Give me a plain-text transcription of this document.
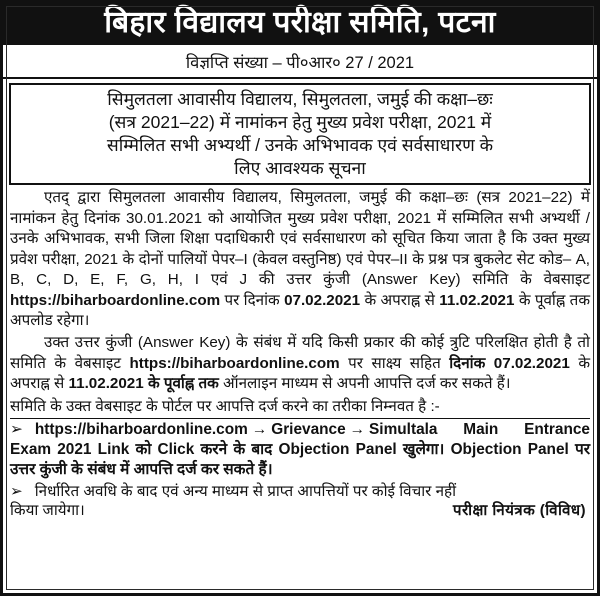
बिहार विद्यालय परीक्षा समिति, पटना
विज्ञप्ति संख्या – पी०आर० 27 / 2021
सिमुलतला आवासीय विद्यालय, सिमुलतला, जमुई की कक्षा–छः
(सत्र 2021–22) में नामांकन हेतु मुख्य प्रवेश परीक्षा, 2021 में
सम्मिलित सभी अभ्यर्थी / उनके अभिभावक एवं सर्वसाधारण के
लिए आवश्यक सूचना

एतद् द्वारा सिमुलतला आवासीय विद्यालय, सिमुलतला, जमुई की कक्षा–छः (सत्र 2021–22) में नामांकन हेतु दिनांक 30.01.2021 को आयोजित मुख्य प्रवेश परीक्षा, 2021 में सम्मिलित सभी अभ्यर्थी / उनके अभिभावक, सभी जिला शिक्षा पदाधिकारी एवं सर्वसाधारण को सूचित किया जाता है कि उक्त मुख्य प्रवेश परीक्षा, 2021 के दोनों पालियों पेपर–I (केवल वस्तुनिष्ठ) एवं पेपर–II के प्रश्न पत्र बुकलेट सेट कोड– A, B, C, D, E, F, G, H, I एवं J की उत्तर कुंजी (Answer Key) समिति के वेबसाइट https://biharboardonline.com पर दिनांक 07.02.2021 के अपराह्न से 11.02.2021 के पूर्वाह्न तक अपलोड रहेगा।

उक्त उत्तर कुंजी (Answer Key) के संबंध में यदि किसी प्रकार की कोई त्रुटि परिलक्षित होती है तो समिति के वेबसाइट https://biharboardonline.com पर साक्ष्य सहित दिनांक 07.02.2021 के अपराह्न से 11.02.2021 के पूर्वाह्न तक ऑनलाइन माध्यम से अपनी आपत्ति दर्ज कर सकते हैं।

समिति के उक्त वेबसाइट के पोर्टल पर आपत्ति दर्ज करने का तरीका निम्नवत है :-
➢ https://biharboardonline.com → Grievance → Simultala Main Entrance Exam 2021 Link को Click करने के बाद Objection Panel खुलेगा। Objection Panel पर उत्तर कुंजी के संबंध में आपत्ति दर्ज कर सकते हैं।
➢ निर्धारित अवधि के बाद एवं अन्य माध्यम से प्राप्त आपत्तियों पर कोई विचार नहीं
किया जायेगा।	परीक्षा नियंत्रक (विविध)
